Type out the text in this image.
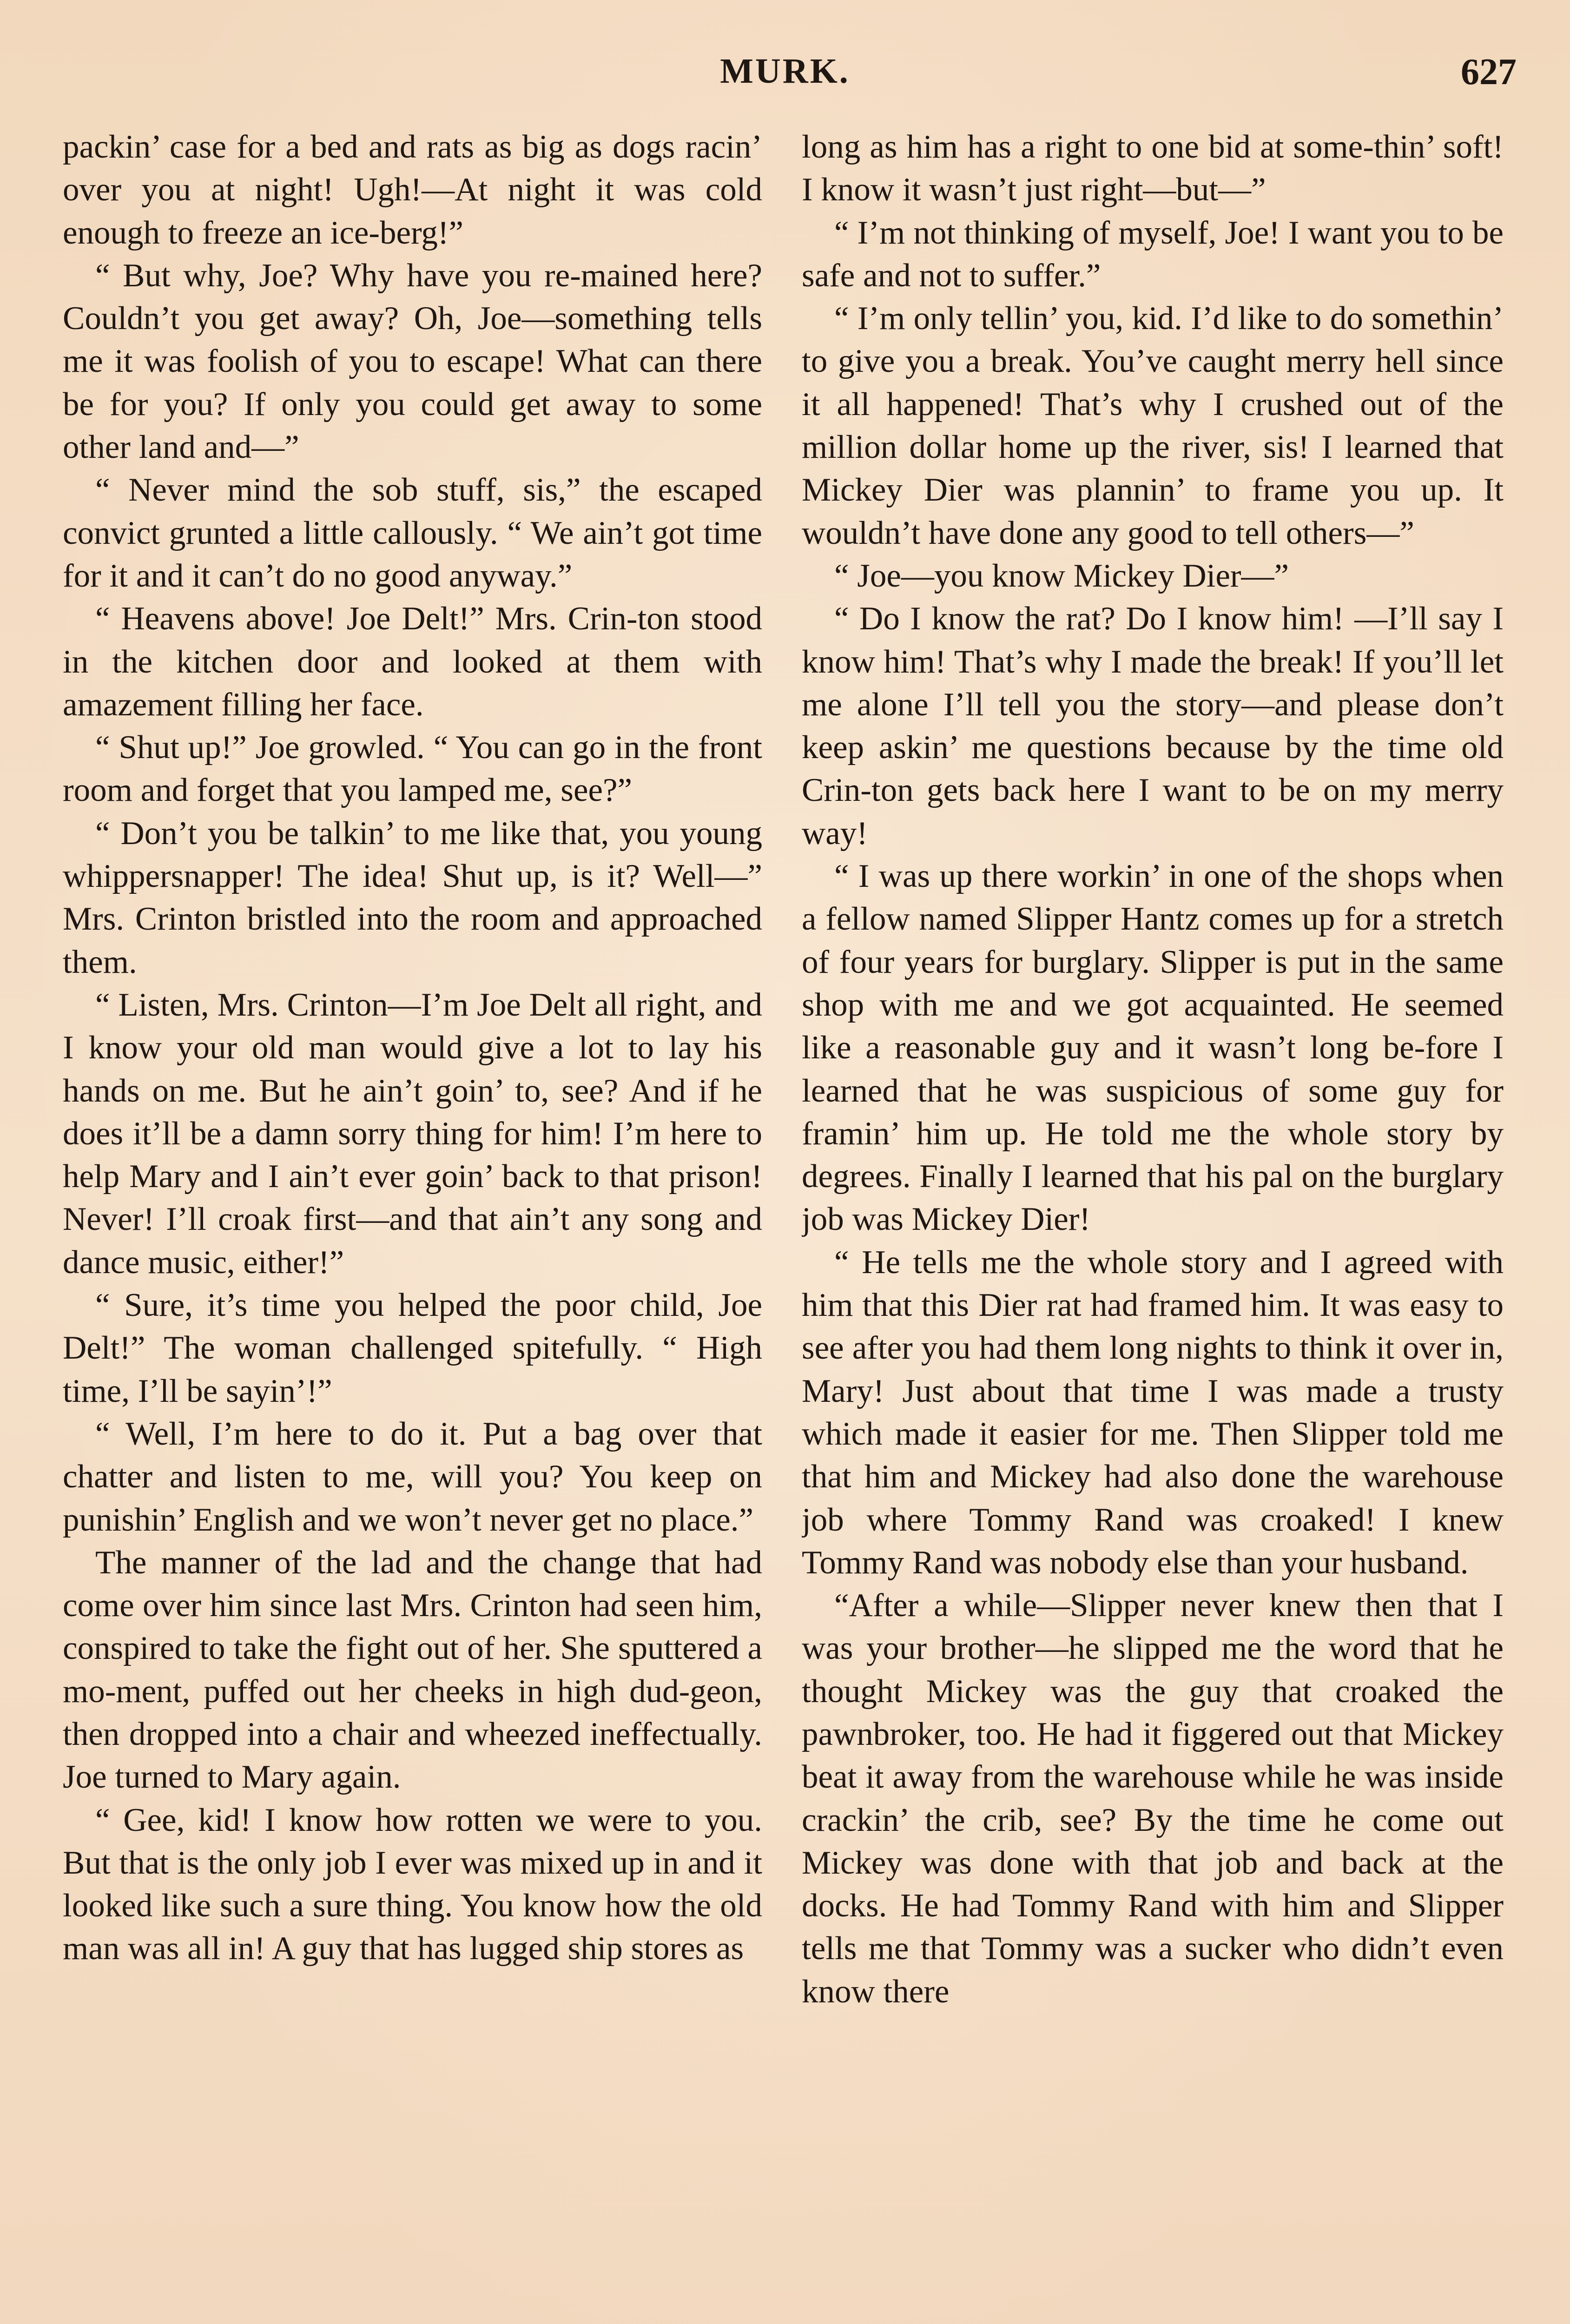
MURK.	627

packin’ case for a bed and rats as big as dogs racin’ over you at night! Ugh!—At night it was cold enough to freeze an ice-berg!”

“ But why, Joe? Why have you re-mained here? Couldn’t you get away? Oh, Joe—something tells me it was foolish of you to escape! What can there be for you? If only you could get away to some other land and—”

“ Never mind the sob stuff, sis,” the escaped convict grunted a little callously. “ We ain’t got time for it and it can’t do no good anyway.”

“ Heavens above! Joe Delt!” Mrs. Crin-ton stood in the kitchen door and looked at them with amazement filling her face.

“ Shut up!” Joe growled. “ You can go in the front room and forget that you lamped me, see?”

“ Don’t you be talkin’ to me like that, you young whippersnapper! The idea! Shut up, is it? Well—” Mrs. Crinton bristled into the room and approached them.

“ Listen, Mrs. Crinton—I’m Joe Delt all right, and I know your old man would give a lot to lay his hands on me. But he ain’t goin’ to, see? And if he does it’ll be a damn sorry thing for him! I’m here to help Mary and I ain’t ever goin’ back to that prison! Never! I’ll croak first—and that ain’t any song and dance music, either!”

“ Sure, it’s time you helped the poor child, Joe Delt!” The woman challenged spitefully. “ High time, I’ll be sayin’!”

“ Well, I’m here to do it. Put a bag over that chatter and listen to me, will you? You keep on punishin’ English and we won’t never get no place.”

The manner of the lad and the change that had come over him since last Mrs. Crinton had seen him, conspired to take the fight out of her. She sputtered a mo-ment, puffed out her cheeks in high dud-geon, then dropped into a chair and wheezed ineffectually. Joe turned to Mary again.

“ Gee, kid! I know how rotten we were to you. But that is the only job I ever was mixed up in and it looked like such a sure thing. You know how the old man was all in! A guy that has lugged ship stores as

long as him has a right to one bid at some-thin’ soft! I know it wasn’t just right—but—”

“ I’m not thinking of myself, Joe! I want you to be safe and not to suffer.”

“ I’m only tellin’ you, kid. I’d like to do somethin’ to give you a break. You’ve caught merry hell since it all happened! That’s why I crushed out of the million dollar home up the river, sis! I learned that Mickey Dier was plannin’ to frame you up. It wouldn’t have done any good to tell others—”

“ Joe—you know Mickey Dier—”

“ Do I know the rat? Do I know him! —I’ll say I know him! That’s why I made the break! If you’ll let me alone I’ll tell you the story—and please don’t keep askin’ me questions because by the time old Crin-ton gets back here I want to be on my merry way!

“ I was up there workin’ in one of the shops when a fellow named Slipper Hantz comes up for a stretch of four years for burglary. Slipper is put in the same shop with me and we got acquainted. He seemed like a reasonable guy and it wasn’t long be-fore I learned that he was suspicious of some guy for framin’ him up. He told me the whole story by degrees. Finally I learned that his pal on the burglary job was Mickey Dier!

“ He tells me the whole story and I agreed with him that this Dier rat had framed him. It was easy to see after you had them long nights to think it over in, Mary! Just about that time I was made a trusty which made it easier for me. Then Slipper told me that him and Mickey had also done the warehouse job where Tommy Rand was croaked! I knew Tommy Rand was nobody else than your husband.

“After a while—Slipper never knew then that I was your brother—he slipped me the word that he thought Mickey was the guy that croaked the pawnbroker, too. He had it figgered out that Mickey beat it away from the warehouse while he was inside crackin’ the crib, see? By the time he come out Mickey was done with that job and back at the docks. He had Tommy Rand with him and Slipper tells me that Tommy was a sucker who didn’t even know there
